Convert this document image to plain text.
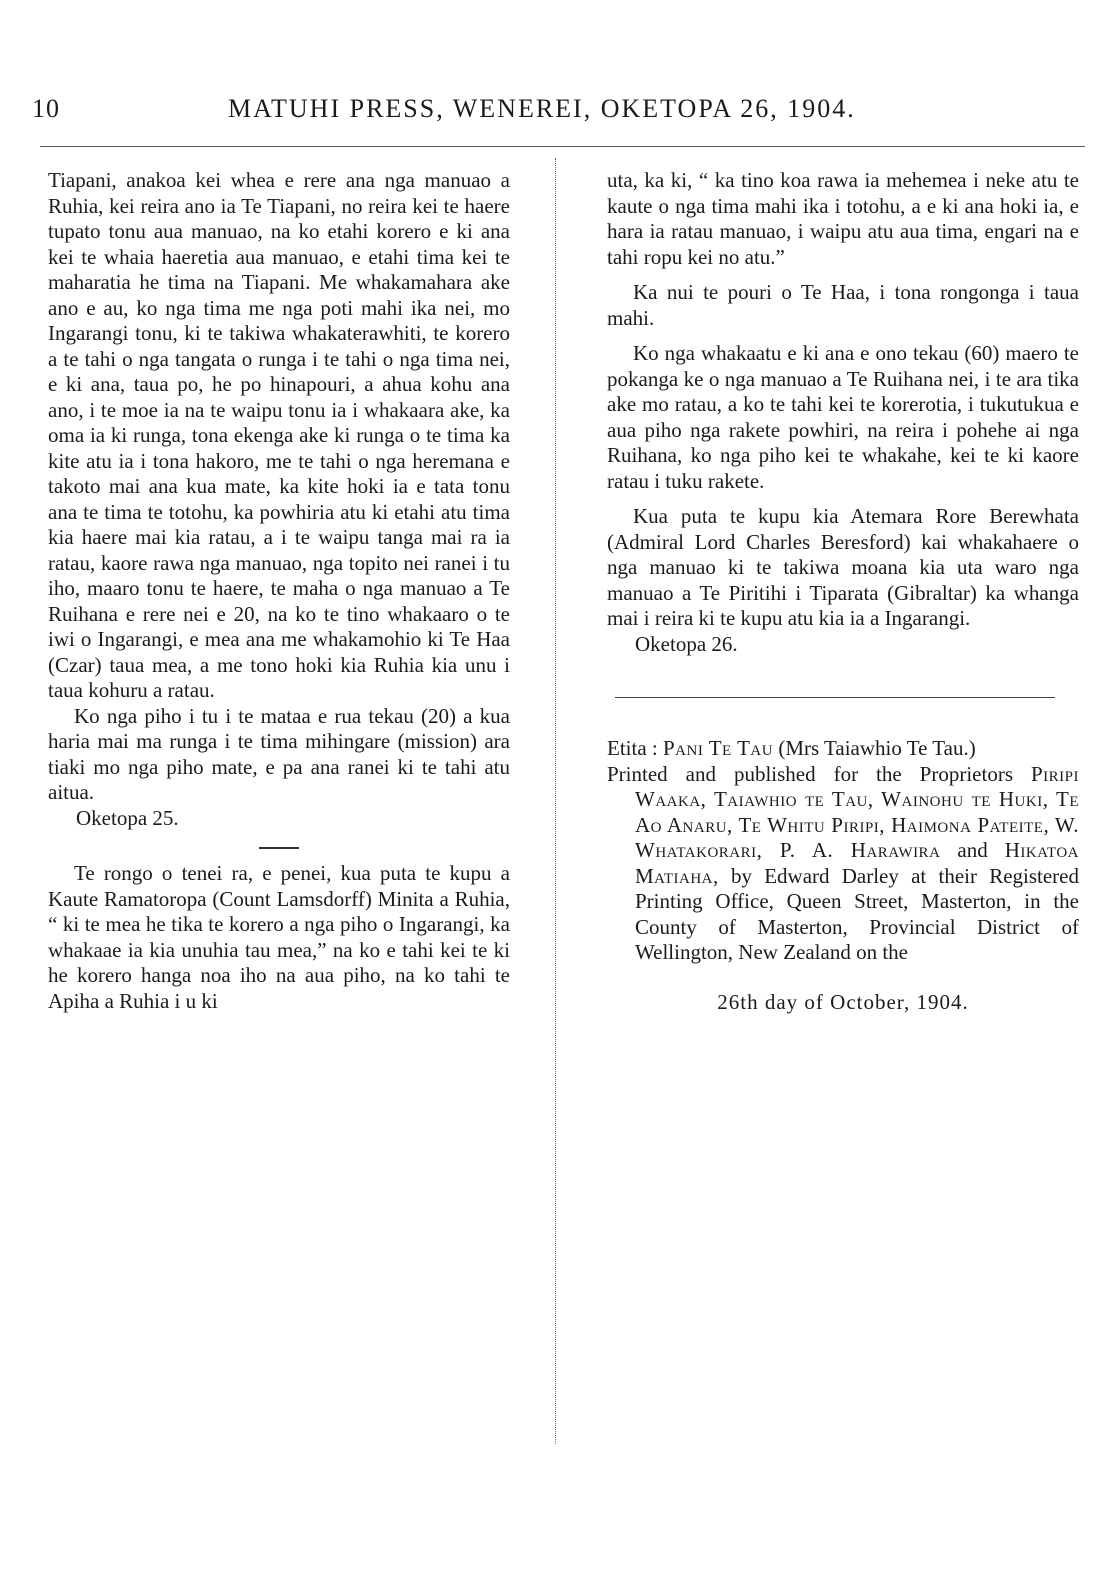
10	MATUHI PRESS, WENEREI, OKETOPA 26, 1904.

Tiapani, anakoa kei whea e rere ana nga manuao a Ruhia, kei reira ano ia Te Tiapani, no reira kei te haere tupato tonu aua manuao, na ko etahi korero e ki ana kei te whaia haeretia aua manuao, e etahi tima kei te maharatia he tima na Tiapani. Me whakamahara ake ano e au, ko nga tima me nga poti mahi ika nei, mo Ingarangi tonu, ki te takiwa whakaterawhiti, te korero a te tahi o nga tangata o runga i te tahi o nga tima nei, e ki ana, taua po, he po hinapouri, a ahua kohu ana ano, i te moe ia na te waipu tonu ia i whakaara ake, ka oma ia ki runga, tona ekenga ake ki runga o te tima ka kite atu ia i tona hakoro, me te tahi o nga heremana e takoto mai ana kua mate, ka kite hoki ia e tata tonu ana te tima te totohu, ka powhiria atu ki etahi atu tima kia haere mai kia ratau, a i te waipu tanga mai ra ia ratau, kaore rawa nga manuao, nga topito nei ranei i tu iho, maaro tonu te haere, te maha o nga manuao a Te Ruihana e rere nei e 20, na ko te tino whakaaro o te iwi o Ingarangi, e mea ana me whakamohio ki Te Haa (Czar) taua mea, a me tono hoki kia Ruhia kia unu i taua kohuru a ratau.

Ko nga piho i tu i te mataa e rua tekau (20) a kua haria mai ma runga i te tima mihingare (mission) ara tiaki mo nga piho mate, e pa ana ranei ki te tahi atu aitua.

Oketopa 25.

Te rongo o tenei ra, e penei, kua puta te kupu a Kaute Ramatoropa (Count Lamsdorff) Minita a Ruhia, “ ki te mea he tika te korero a nga piho o Ingarangi, ka whakaae ia kia unuhia tau mea,” na ko e tahi kei te ki he korero hanga noa iho na aua piho, na ko tahi te Apiha a Ruhia i u ki

uta, ka ki, “ ka tino koa rawa ia mehemea i neke atu te kaute o nga tima mahi ika i totohu, a e ki ana hoki ia, e hara ia ratau manuao, i waipu atu aua tima, engari na e tahi ropu kei no atu.”

Ka nui te pouri o Te Haa, i tona rongonga i taua mahi.

Ko nga whakaatu e ki ana e ono tekau (60) maero te pokanga ke o nga manuao a Te Ruihana nei, i te ara tika ake mo ratau, a ko te tahi kei te korerotia, i tukutukua e aua piho nga rakete powhiri, na reira i pohehe ai nga Ruihana, ko nga piho kei te whakahe, kei te ki kaore ratau i tuku rakete.

Kua puta te kupu kia Atemara Rore Berewhata (Admiral Lord Charles Beresford) kai whakahaere o nga manuao ki te takiwa moana kia uta waro nga manuao a Te Piritihi i Tiparata (Gibraltar) ka whanga mai i reira ki te kupu atu kia ia a Ingarangi.

Oketopa 26.

Etita : Pani Te Tau (Mrs Taiawhio Te Tau.)

Printed and published for the Proprietors Piripi Waaka, Taiawhio te Tau, Wainohu te Huki, Te Ao Anaru, Te Whitu Piripi, Haimona Pateite, W. Whatakorari, P. A. Harawira and Hikatoa Matiaha, by Edward Darley at their Registered Printing Office, Queen Street, Masterton, in the County of Masterton, Provincial District of Wellington, New Zealand on the

26th day of October, 1904.
